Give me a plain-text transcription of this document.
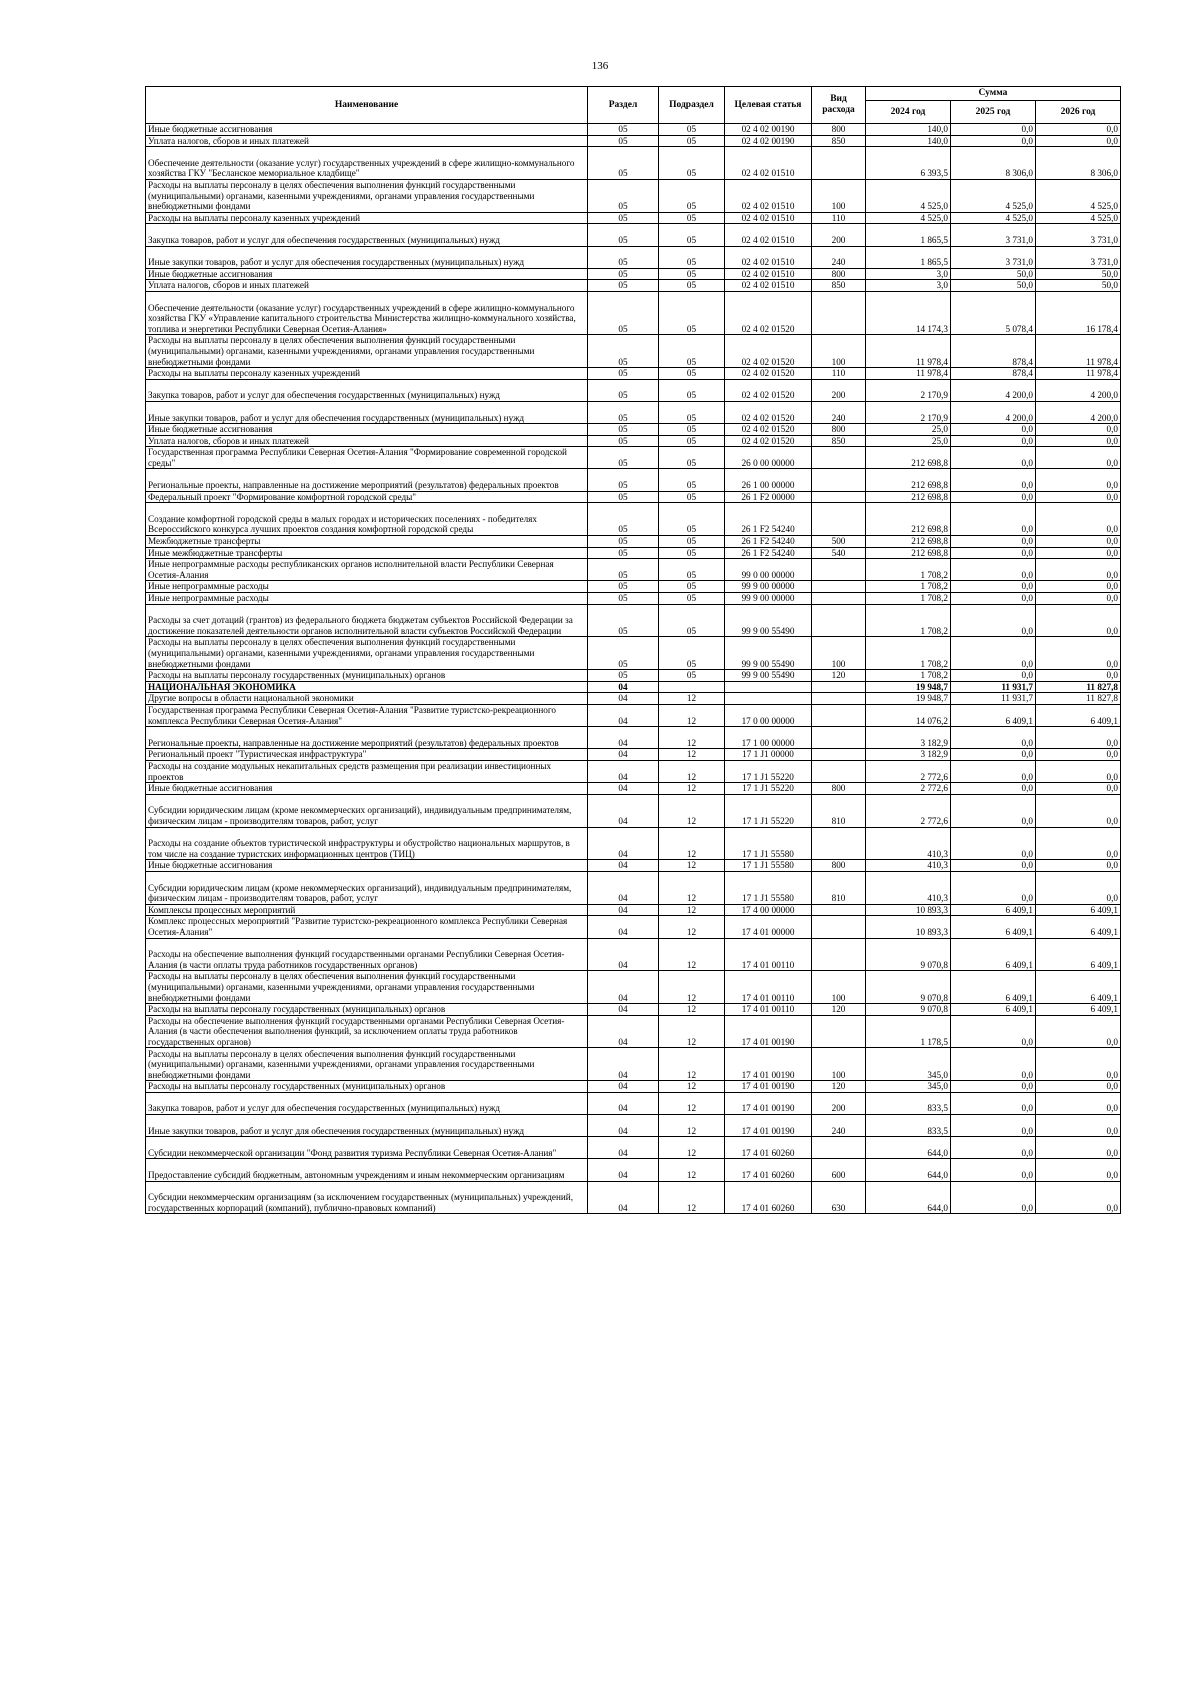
136
Наименование	Раздел	Подраздел	Целевая статья	Вид расхода	Сумма		
					2024 год	2025 год	2026 год
Иные бюджетные ассигнования	05	05	02 4 02 00190	800	140,0	0,0	0,0
Уплата налогов, сборов и иных платежей	05	05	02 4 02 00190	850	140,0	0,0	0,0
Обеспечение деятельности (оказание услуг) государственных учреждений в сфере жилищно-коммунального хозяйства ГКУ "Бесланское мемориальное кладбище"	05	05	02 4 02 01510		6 393,5	8 306,0	8 306,0
Расходы на выплаты персоналу в целях обеспечения выполнения функций государственными (муниципальными) органами, казенными учреждениями, органами управления государственными внебюджетными фондами	05	05	02 4 02 01510	100	4 525,0	4 525,0	4 525,0
Расходы на выплаты персоналу казенных учреждений	05	05	02 4 02 01510	110	4 525,0	4 525,0	4 525,0
Закупка товаров, работ и услуг для обеспечения государственных (муниципальных) нужд	05	05	02 4 02 01510	200	1 865,5	3 731,0	3 731,0
Иные закупки товаров, работ и услуг для обеспечения государственных (муниципальных) нужд	05	05	02 4 02 01510	240	1 865,5	3 731,0	3 731,0
Иные бюджетные ассигнования	05	05	02 4 02 01510	800	3,0	50,0	50,0
Уплата налогов, сборов и иных платежей	05	05	02 4 02 01510	850	3,0	50,0	50,0
Обеспечение деятельности (оказание услуг) государственных учреждений в сфере жилищно-коммунального хозяйства ГКУ «Управление капитального строительства Министерства жилищно-коммунального хозяйства, топлива и энергетики Республики Северная Осетия-Алания»	05	05	02 4 02 01520		14 174,3	5 078,4	16 178,4
Расходы на выплаты персоналу в целях обеспечения выполнения функций государственными (муниципальными) органами, казенными учреждениями, органами управления государственными внебюджетными фондами	05	05	02 4 02 01520	100	11 978,4	878,4	11 978,4
Расходы на выплаты персоналу казенных учреждений	05	05	02 4 02 01520	110	11 978,4	878,4	11 978,4
Закупка товаров, работ и услуг для обеспечения государственных (муниципальных) нужд	05	05	02 4 02 01520	200	2 170,9	4 200,0	4 200,0
Иные закупки товаров, работ и услуг для обеспечения государственных (муниципальных) нужд	05	05	02 4 02 01520	240	2 170,9	4 200,0	4 200,0
Иные бюджетные ассигнования	05	05	02 4 02 01520	800	25,0	0,0	0,0
Уплата налогов, сборов и иных платежей	05	05	02 4 02 01520	850	25,0	0,0	0,0
Государственная программа Республики Северная Осетия-Алания "Формирование современной городской среды"	05	05	26 0 00 00000		212 698,8	0,0	0,0
Региональные проекты, направленные на достижение мероприятий (результатов) федеральных проектов	05	05	26 1 00 00000		212 698,8	0,0	0,0
Федеральный проект "Формирование комфортной городской среды"	05	05	26 1 F2 00000		212 698,8	0,0	0,0
Создание комфортной городской среды в малых городах и исторических поселениях - победителях Всероссийского конкурса лучших проектов создания комфортной городской среды	05	05	26 1 F2 54240		212 698,8	0,0	0,0
Межбюджетные трансферты	05	05	26 1 F2 54240	500	212 698,8	0,0	0,0
Иные межбюджетные трансферты	05	05	26 1 F2 54240	540	212 698,8	0,0	0,0
Иные непрограммные расходы республиканских органов исполнительной власти Республики Северная Осетия-Алания	05	05	99 0 00 00000		1 708,2	0,0	0,0
Иные непрограммные расходы	05	05	99 9 00 00000		1 708,2	0,0	0,0
Иные непрограммные расходы	05	05	99 9 00 00000		1 708,2	0,0	0,0
Расходы за счет дотаций (грантов) из федерального бюджета бюджетам субъектов Российской Федерации за достижение показателей деятельности органов исполнительной власти субъектов Российской Федерации	05	05	99 9 00 55490		1 708,2	0,0	0,0
Расходы на выплаты персоналу в целях обеспечения выполнения функций государственными (муниципальными) органами, казенными учреждениями, органами управления государственными внебюджетными фондами	05	05	99 9 00 55490	100	1 708,2	0,0	0,0
Расходы на выплаты персоналу государственных (муниципальных) органов	05	05	99 9 00 55490	120	1 708,2	0,0	0,0
НАЦИОНАЛЬНАЯ ЭКОНОМИКА	04				19 948,7	11 931,7	11 827,8
Другие вопросы в области национальной экономики	04	12			19 948,7	11 931,7	11 827,8
Государственная программа Республики Северная Осетия-Алания "Развитие туристско-рекреационного комплекса Республики Северная Осетия-Алания"	04	12	17 0 00 00000		14 076,2	6 409,1	6 409,1
Региональные проекты, направленные на достижение мероприятий (результатов) федеральных проектов	04	12	17 1 00 00000		3 182,9	0,0	0,0
Региональный проект "Туристическая инфраструктура"	04	12	17 1 J1 00000		3 182,9	0,0	0,0
Расходы на создание модульных некапитальных средств размещения при реализации инвестиционных проектов	04	12	17 1 J1 55220		2 772,6	0,0	0,0
Иные бюджетные ассигнования	04	12	17 1 J1 55220	800	2 772,6	0,0	0,0
Субсидии юридическим лицам (кроме некоммерческих организаций), индивидуальным предпринимателям, физическим лицам - производителям товаров, работ, услуг	04	12	17 1 J1 55220	810	2 772,6	0,0	0,0
Расходы на создание объектов туристической инфраструктуры и обустройство национальных маршрутов, в том числе на создание туристских информационных центров (ТИЦ)	04	12	17 1 J1 55580		410,3	0,0	0,0
Иные бюджетные ассигнования	04	12	17 1 J1 55580	800	410,3	0,0	0,0
Субсидии юридическим лицам (кроме некоммерческих организаций), индивидуальным предпринимателям, физическим лицам - производителям товаров, работ, услуг	04	12	17 1 J1 55580	810	410,3	0,0	0,0
Комплексы процессных мероприятий	04	12	17 4 00 00000		10 893,3	6 409,1	6 409,1
Комплекс процессных мероприятий "Развитие туристско-рекреационного комплекса Республики Северная Осетия-Алания"	04	12	17 4 01 00000		10 893,3	6 409,1	6 409,1
Расходы на обеспечение выполнения функций государственными органами Республики Северная Осетия-Алания (в части оплаты труда работников государственных органов)	04	12	17 4 01 00110		9 070,8	6 409,1	6 409,1
Расходы на выплаты персоналу в целях обеспечения выполнения функций государственными (муниципальными) органами, казенными учреждениями, органами управления государственными внебюджетными фондами	04	12	17 4 01 00110	100	9 070,8	6 409,1	6 409,1
Расходы на выплаты персоналу государственных (муниципальных) органов	04	12	17 4 01 00110	120	9 070,8	6 409,1	6 409,1
Расходы на обеспечение выполнения функций государственными органами Республики Северная Осетия-Алания (в части обеспечения выполнения функций, за исключением оплаты труда работников государственных органов)	04	12	17 4 01 00190		1 178,5	0,0	0,0
Расходы на выплаты персоналу в целях обеспечения выполнения функций государственными (муниципальными) органами, казенными учреждениями, органами управления государственными внебюджетными фондами	04	12	17 4 01 00190	100	345,0	0,0	0,0
Расходы на выплаты персоналу государственных (муниципальных) органов	04	12	17 4 01 00190	120	345,0	0,0	0,0
Закупка товаров, работ и услуг для обеспечения государственных (муниципальных) нужд	04	12	17 4 01 00190	200	833,5	0,0	0,0
Иные закупки товаров, работ и услуг для обеспечения государственных (муниципальных) нужд	04	12	17 4 01 00190	240	833,5	0,0	0,0
Субсидии некоммерческой организации "Фонд развития туризма Республики Северная Осетия-Алания"	04	12	17 4 01 60260		644,0	0,0	0,0
Предоставление субсидий бюджетным, автономным учреждениям и иным некоммерческим организациям	04	12	17 4 01 60260	600	644,0	0,0	0,0
Субсидии некоммерческим организациям (за исключением государственных (муниципальных) учреждений, государственных корпораций (компаний), публично-правовых компаний)	04	12	17 4 01 60260	630	644,0	0,0	0,0
